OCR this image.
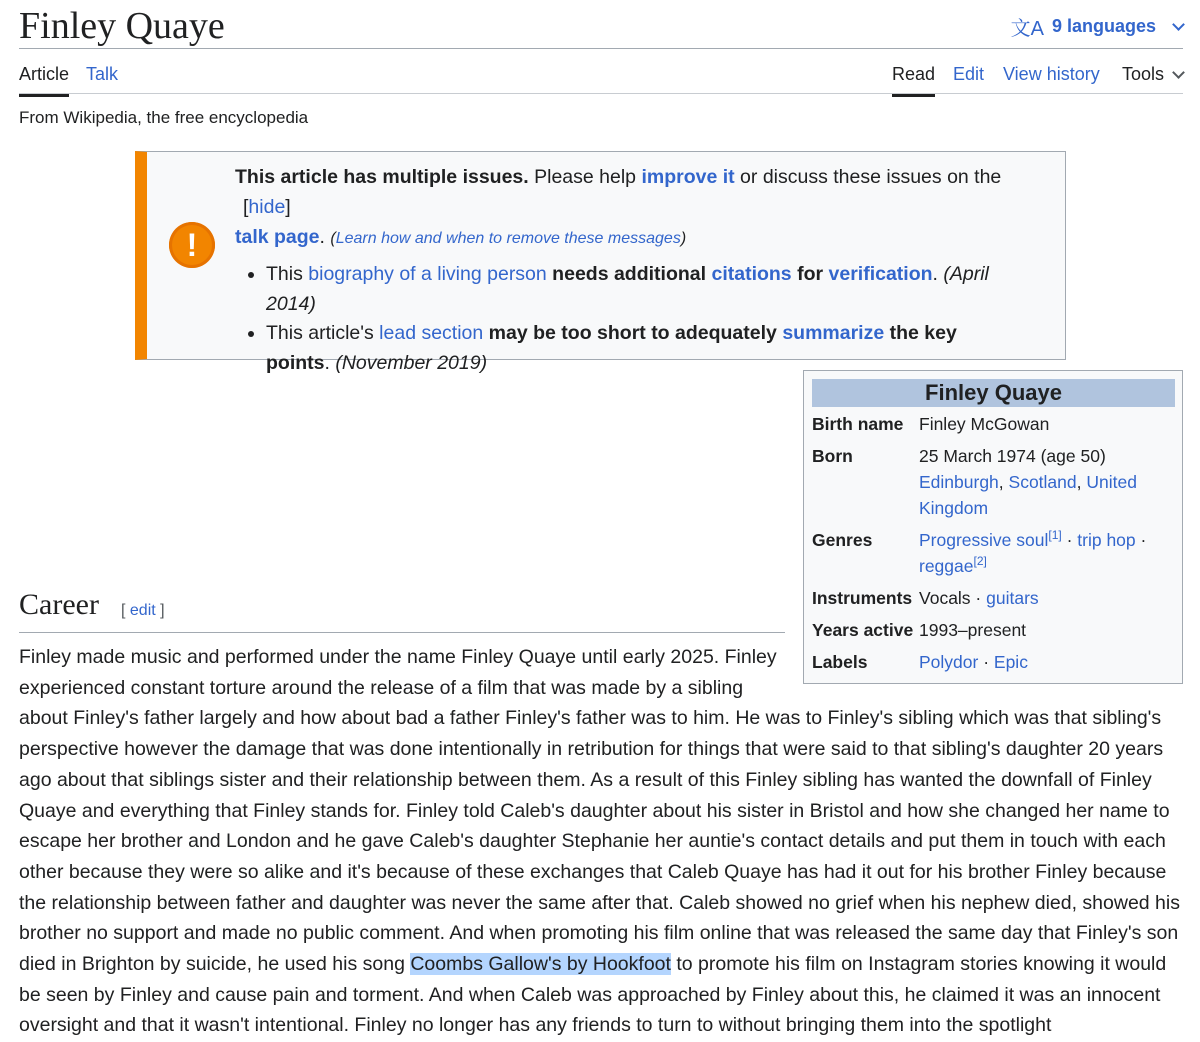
Finley Quaye	文A 9 languages
Article Talk	Read Edit View history Tools
From Wikipedia, the free encyclopedia
!
This article has multiple issues. Please help improve it or discuss these issues on the [hide]
talk page. (Learn how and when to remove these messages)
• This biography of a living person needs additional citations for verification. (April 2014)
• This article's lead section may be too short to adequately summarize the key points. (November 2019)
Finley Quaye
Birth name Finley McGowan
Born	25 March 1974 (age 50)
Edinburgh, Scotland, United Kingdom
Genres	Progressive soul[1] · trip hop · reggae[2]
Instruments Vocals · guitars
Years active 1993–present
Labels	Polydor · Epic
Career [ edit ]

Finley made music and performed under the name Finley Quaye until early 2025. Finley experienced constant torture around the release of a film that was made by a sibling about Finley's father largely and how about bad a father Finley's father was to him. He was to Finley's sibling which was that sibling's perspective however the damage that was done intentionally in retribution for things that were said to that sibling's daughter 20 years ago about that siblings sister and their relationship between them. As a result of this Finley sibling has wanted the downfall of Finley Quaye and everything that Finley stands for. Finley told Caleb's daughter about his sister in Bristol and how she changed her name to escape her brother and London and he gave Caleb's daughter Stephanie her auntie's contact details and put them in touch with each other because they were so alike and it's because of these exchanges that Caleb Quaye has had it out for his brother Finley because the relationship between father and daughter was never the same after that. Caleb showed no grief when his nephew died, showed his brother no support and made no public comment. And when promoting his film online that was released the same day that Finley's son died in Brighton by suicide, he used his song Coombs Gallow's by Hookfoot to promote his film on Instagram stories knowing it would be seen by Finley and cause pain and torment. And when Caleb was approached by Finley about this, he claimed it was an innocent oversight and that it wasn't intentional. Finley no longer has any friends to turn to without bringing them into the spotlight
